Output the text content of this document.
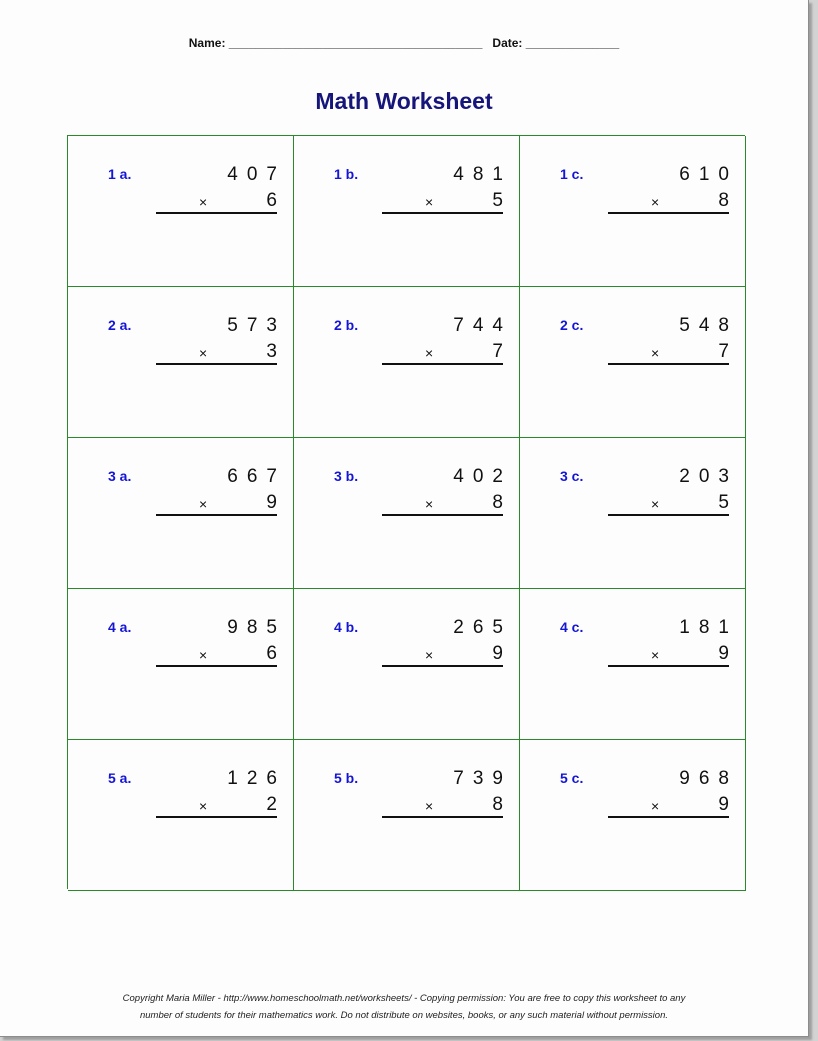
Name: ______________________________________ Date: ______________
Math Worksheet
1 a.	407
×	6
1 b.	481
×	5
1 c.	610
×	8
2 a.	573
×	3
2 b.	744
×	7
2 c.	548
×	7
3 a.	667
×	9
3 b.	402
×	8
3 c.	203
×	5
4 a.	985
×	6
4 b.	265
×	9
4 c.	181
×	9
5 a.	126
×	2
5 b.	739
×	8
5 c.	968
×	9
Copyright Maria Miller - http://www.homeschoolmath.net/worksheets/ - Copying permission: You are free to copy this worksheet to any
number of students for their mathematics work. Do not distribute on websites, books, or any such material without permission.
